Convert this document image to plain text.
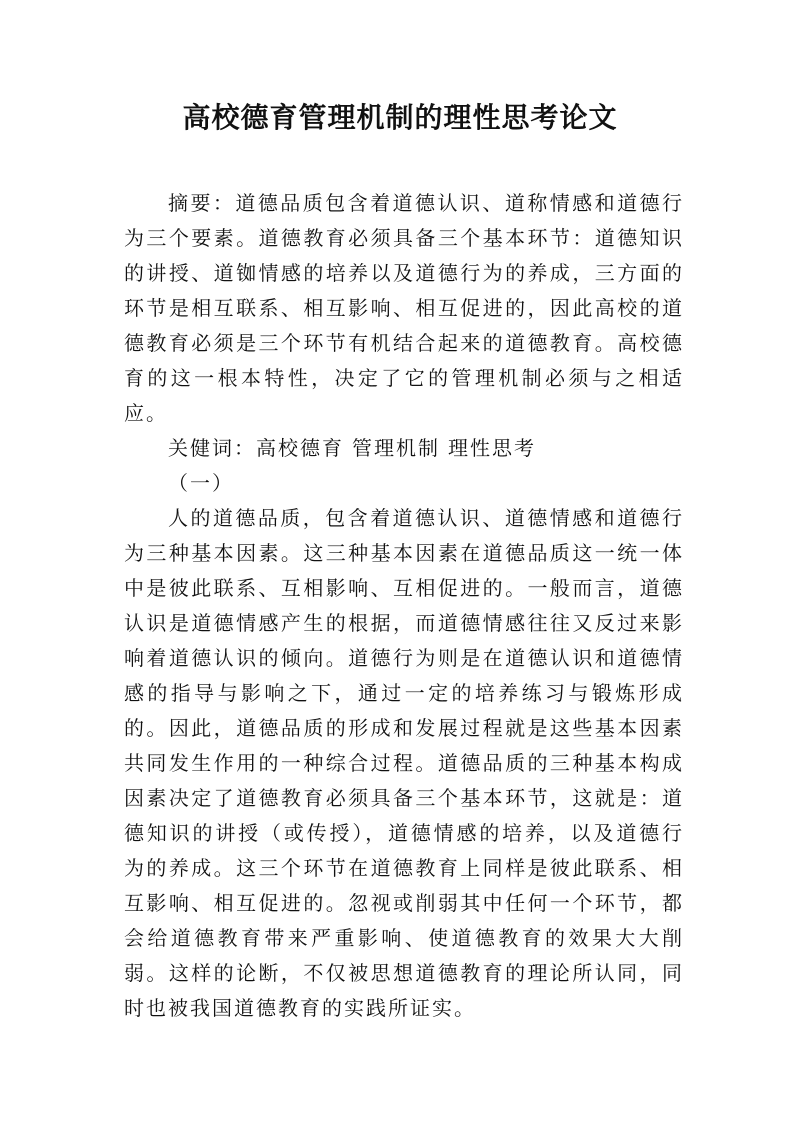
高校德育管理机制的理性思考论文

摘要：道德品质包含着道德认识、道称情感和道德行为三个要素。道德教育必须具备三个基本环节：道德知识的讲授、道铷情感的培养以及道德行为的养成，三方面的环节是相互联系、相互影响、相互促进的，因此高校的道德教育必须是三个环节有机结合起来的道德教育。高校德育的这一根本特性，决定了它的管理机制必须与之相适应。

关健词：高校德育 管理机制 理性思考

（一）

人的道德品质，包含着道德认识、道德情感和道德行为三种基本因素。这三种基本因素在道德品质这一统一体中是彼此联系、互相影响、互相促进的。一般而言，道德认识是道德情感产生的根据，而道德情感往往又反过来影响着道德认识的倾向。道德行为则是在道德认识和道德情感的指导与影响之下，通过一定的培养练习与锻炼形成的。因此，道德品质的形成和发展过程就是这些基本因素共同发生作用的一种综合过程。道德品质的三种基本构成因素决定了道德教育必须具备三个基本环节，这就是：道德知识的讲授（或传授），道德情感的培养，以及道德行为的养成。这三个环节在道德教育上同样是彼此联系、相互影响、相互促进的。忽视或削弱其中任何一个环节，都会给道德教育带来严重影响、使道德教育的效果大大削弱。这样的论断，不仅被思想道德教育的理论所认同，同时也被我国道德教育的实践所证实。
